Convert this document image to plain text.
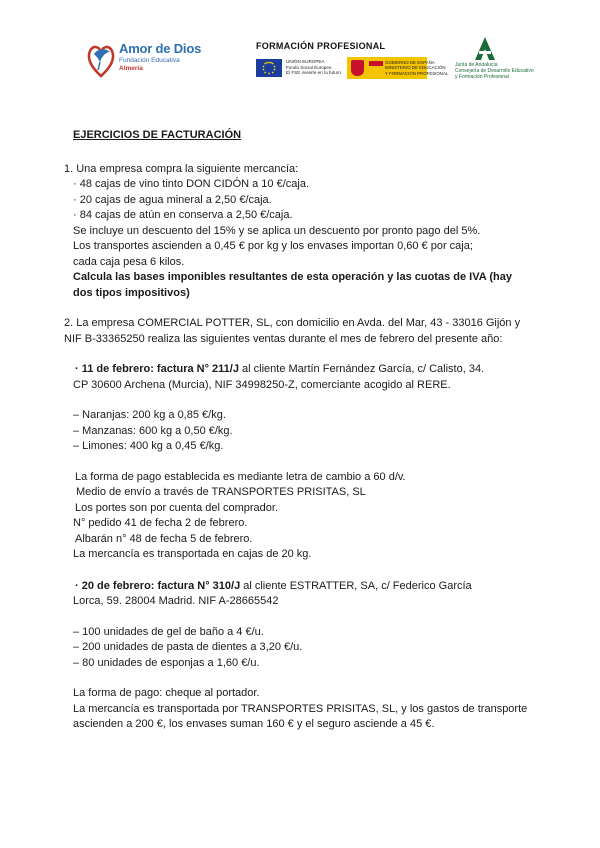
Amor de Dios
Fundación Educativa
Almería
FORMACIÓN PROFESIONAL
UNIÓN EUROPEA
Fondo Social Europeo
El FSE invierte en tu futuro
GOBIERNO DE ESPAÑA
MINISTERIO DE EDUCACIÓN
Y FORMACIÓN PROFESIONAL
Junta de Andalucía
Consejería de Desarrollo Educativo
y Formación Profesional

EJERCICIOS DE FACTURACIÓN

1. Una empresa compra la siguiente mercancía:

· 48 cajas de vino tinto DON CIDÓN a 10 €/caja.

· 20 cajas de agua mineral a 2,50 €/caja.

· 84 cajas de atún en conserva a 2,50 €/caja.

Se incluye un descuento del 15% y se aplica un descuento por pronto pago del 5%.

Los transportes ascienden a 0,45 € por kg y los envases importan 0,60 € por caja;

cada caja pesa 6 kilos.

Calcula las bases imponibles resultantes de esta operación y las cuotas de IVA (hay dos tipos impositivos)

2. La empresa COMERCIAL POTTER, SL, con domicilio en Avda. del Mar, 43 - 33016 Gijón y NIF B-33365250 realiza las siguientes ventas durante el mes de febrero del presente año:

· 11 de febrero: factura N° 211/J al cliente Martín Fernández García, c/ Calisto, 34.

CP 30600 Archena (Murcia), NIF 34998250-Z, comerciante acogido al RERE.

– Naranjas: 200 kg a 0,85 €/kg.

– Manzanas: 600 kg a 0,50 €/kg.

– Limones: 400 kg a 0,45 €/kg.

La forma de pago establecida es mediante letra de cambio a 60 d/v.

Medio de envío a través de TRANSPORTES PRISITAS, SL

Los portes son por cuenta del comprador.

N° pedido 41 de fecha 2 de febrero.

Albarán n° 48 de fecha 5 de febrero.

La mercancía es transportada en cajas de 20 kg.

· 20 de febrero: factura N° 310/J al cliente ESTRATTER, SA, c/ Federico García

Lorca, 59. 28004 Madrid. NIF A-28665542

– 100 unidades de gel de baño a 4 €/u.

– 200 unidades de pasta de dientes a 3,20 €/u.

– 80 unidades de esponjas a 1,60 €/u.

La forma de pago: cheque al portador.

La mercancía es transportada por TRANSPORTES PRISITAS, SL, y los gastos de transporte ascienden a 200 €, los envases suman 160 € y el seguro asciende a 45 €.
